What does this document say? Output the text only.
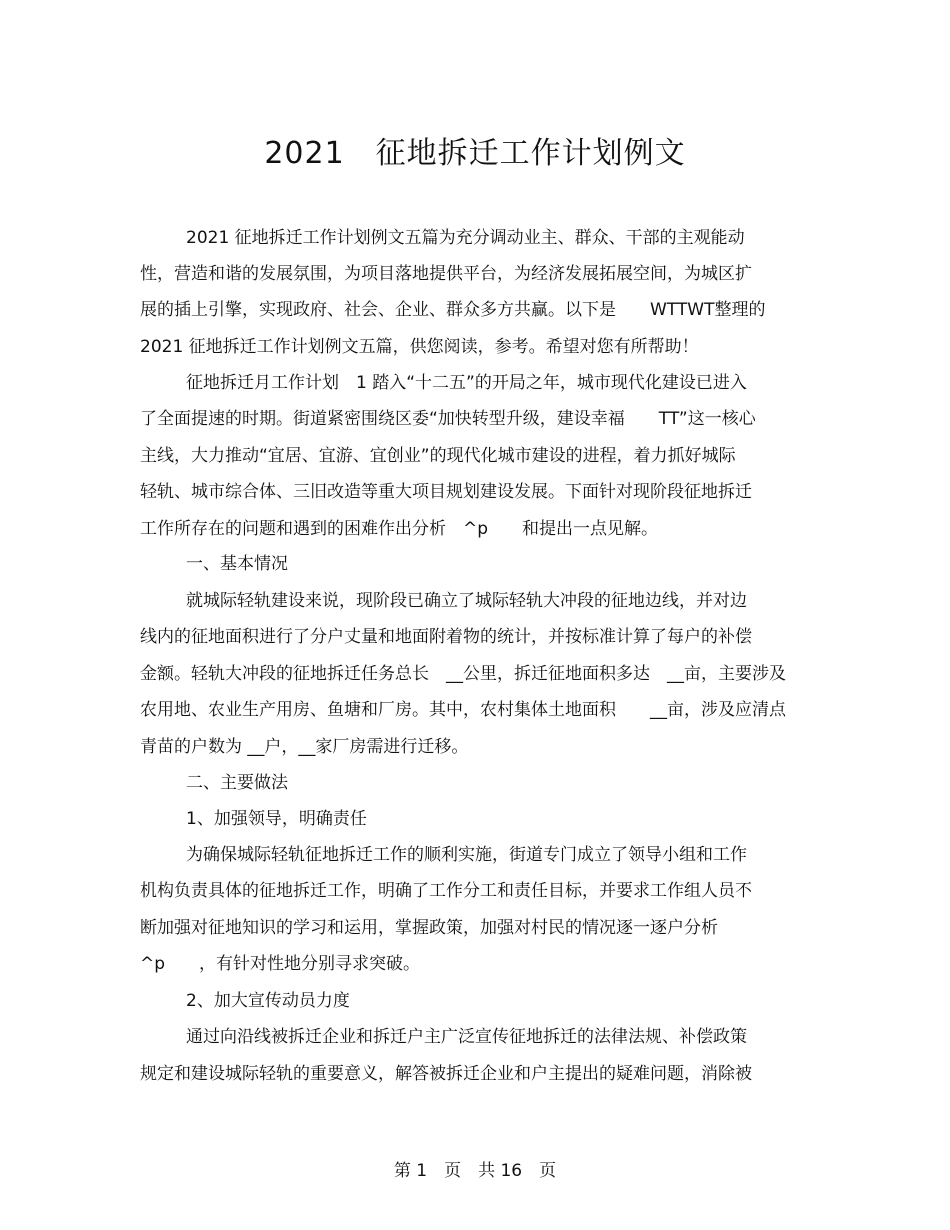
2021　征地拆迁工作计划例文
2021 征地拆迁工作计划例文五篇为充分调动业主、群众、干部的主观能动
性，营造和谐的发展氛围，为项目落地提供平台，为经济发展拓展空间，为城区扩
展的插上引擎，实现政府、社会、企业、群众多方共赢。以下是　　WTTWT整理的
2021 征地拆迁工作计划例文五篇，供您阅读，参考。希望对您有所帮助！
征地拆迁月工作计划　1 踏入“十二五”的开局之年，城市现代化建设已进入
了全面提速的时期。街道紧密围绕区委“加快转型升级，建设幸福　　TT”这一核心
主线，大力推动“宜居、宜游、宜创业”的现代化城市建设的进程，着力抓好城际
轻轨、城市综合体、三旧改造等重大项目规划建设发展。下面针对现阶段征地拆迁
工作所存在的问题和遇到的困难作出分析　^p　　和提出一点见解。
一、基本情况
就城际轻轨建设来说，现阶段已确立了城际轻轨大冲段的征地边线，并对边
线内的征地面积进行了分户丈量和地面附着物的统计，并按标准计算了每户的补偿
金额。轻轨大冲段的征地拆迁任务总长　__公里，拆迁征地面积多达　__亩，主要涉及
农用地、农业生产用房、鱼塘和厂房。其中，农村集体土地面积　　__亩，涉及应清点
青苗的户数为 __户，__家厂房需进行迁移。
二、主要做法
1、加强领导，明确责任
为确保城际轻轨征地拆迁工作的顺利实施，街道专门成立了领导小组和工作
机构负责具体的征地拆迁工作，明确了工作分工和责任目标，并要求工作组人员不
断加强对征地知识的学习和运用，掌握政策，加强对村民的情况逐一逐户分析
^p　　，有针对性地分别寻求突破。
2、加大宣传动员力度
通过向沿线被拆迁企业和拆迁户主广泛宣传征地拆迁的法律法规、补偿政策
规定和建设城际轻轨的重要意义，解答被拆迁企业和户主提出的疑难问题，消除被
第 1　页　共 16　页
